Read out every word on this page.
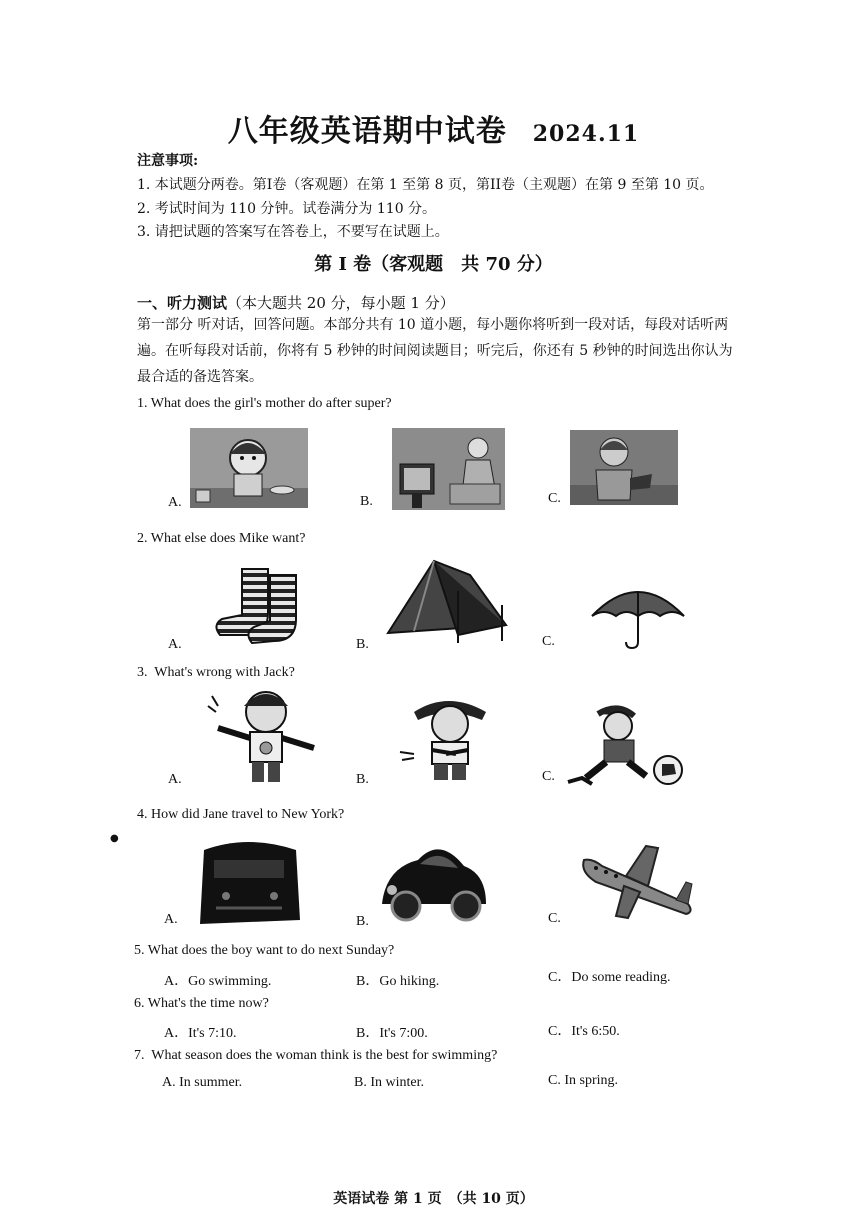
八年级英语期中试卷 2024.11
注意事项:
1. 本试题分两卷。第I卷（客观题）在第 1 至第 8 页，第II卷（主观题）在第 9 至第 10 页。
2. 考试时间为 110 分钟。试卷满分为 110 分。
3. 请把试题的答案写在答卷上，不要写在试题上。
第 I 卷（客观题　共 70 分）
一、听力测试（本大题共 20 分，每小题 1 分）
第一部分 听对话，回答问题。本部分共有 10 道小题，每小题你将听到一段对话，每段对话听两
遍。在听每段对话前，你将有 5 秒钟的时间阅读题目；听完后，你还有 5 秒钟的时间选出你认为
最合适的备选答案。
1. What does the girl's mother do after super?
A.	B.	C.
2. What else does Mike want?
A.	B.	C.
3. What's wrong with Jack?
A.	B.	C.
4. How did Jane travel to New York?
●
A.	B.	C.
5. What does the boy want to do next Sunday?
A．Go swimming.	B．Go hiking.	C．Do some reading.
6. What's the time now?
A．It's 7:10.	B．It's 7:00.	C．It's 6:50.
7. What season does the woman think is the best for swimming?
A. In summer.	B. In winter.	C. In spring.
英语试卷 第 1 页　（共 10 页）
